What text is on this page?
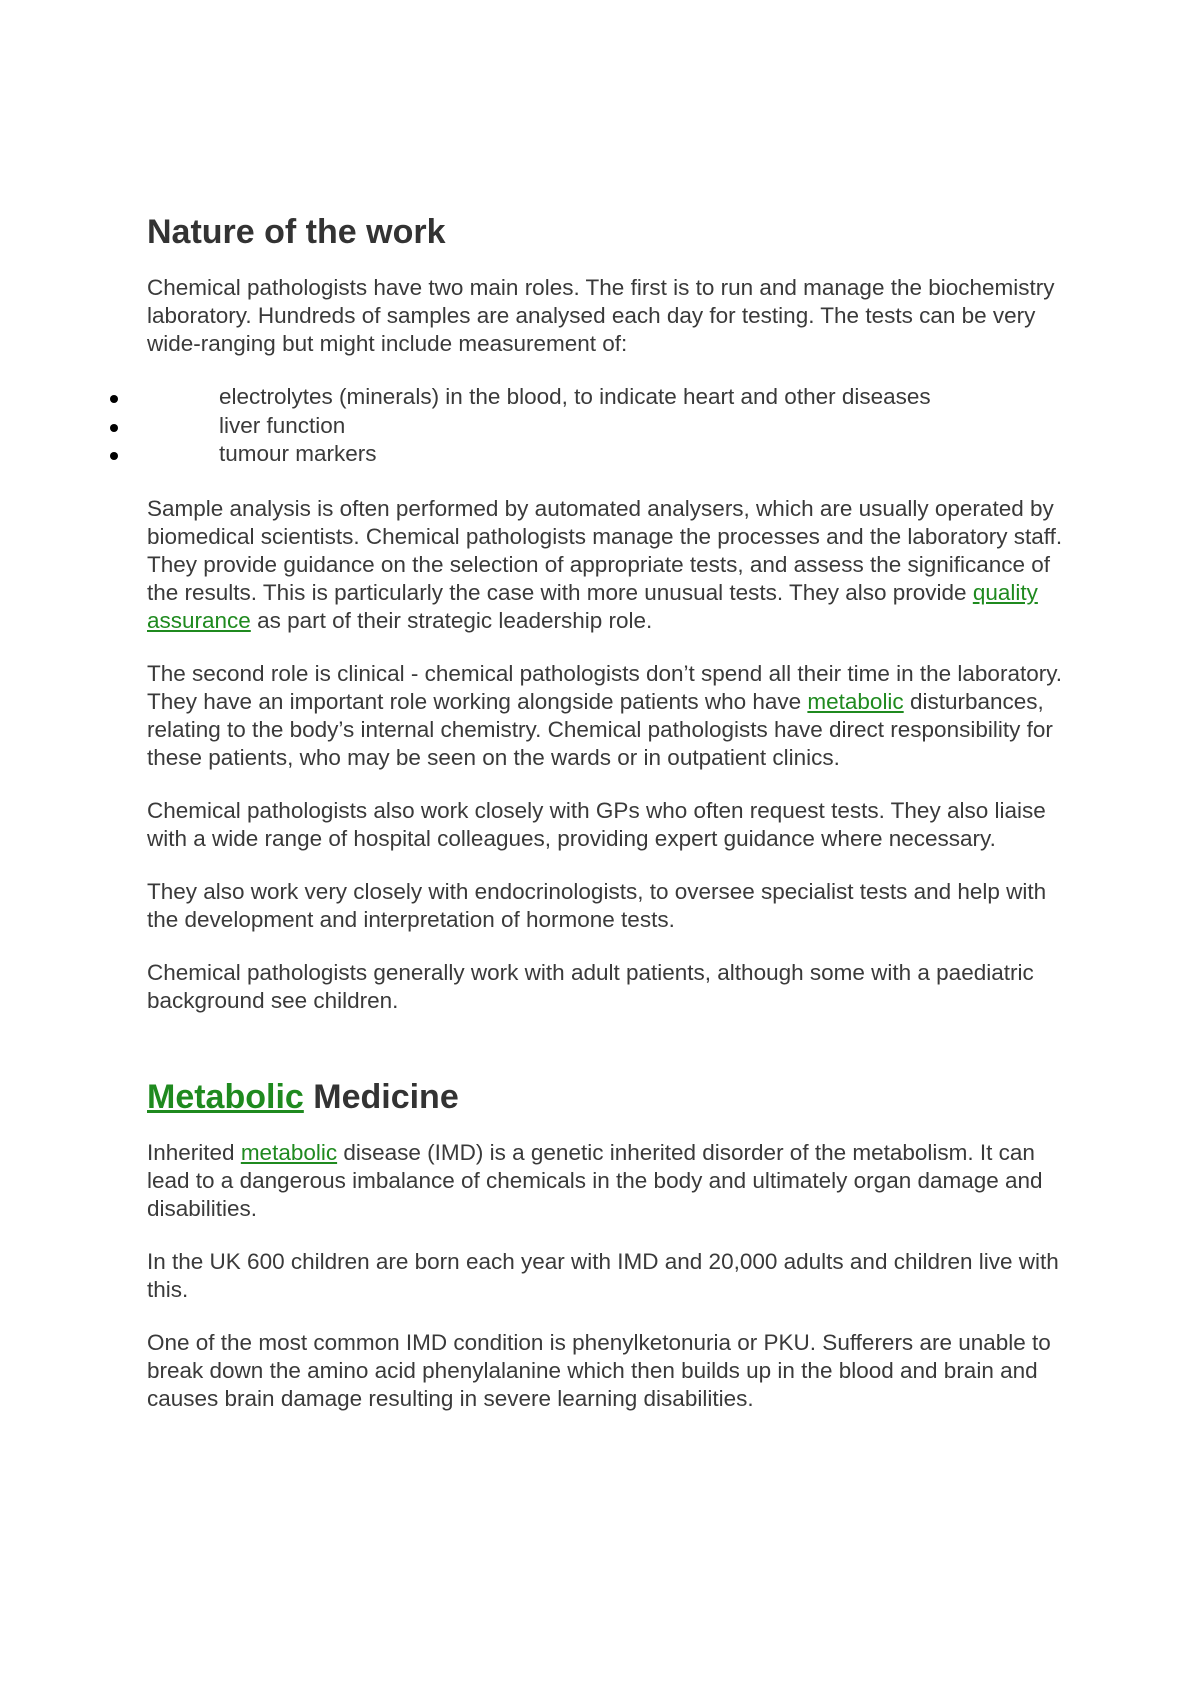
Nature of the work

Chemical pathologists have two main roles. The first is to run and manage the biochemistry laboratory. Hundreds of samples are analysed each day for testing. The tests can be very wide-ranging but might include measurement of:

electrolytes (minerals) in the blood, to indicate heart and other diseases
liver function
tumour markers

Sample analysis is often performed by automated analysers, which are usually operated by biomedical scientists. Chemical pathologists manage the processes and the laboratory staff. They provide guidance on the selection of appropriate tests, and assess the significance of the results. This is particularly the case with more unusual tests. They also provide quality assurance as part of their strategic leadership role.

The second role is clinical - chemical pathologists don’t spend all their time in the laboratory. They have an important role working alongside patients who have metabolic disturbances, relating to the body’s internal chemistry. Chemical pathologists have direct responsibility for these patients, who may be seen on the wards or in outpatient clinics.

Chemical pathologists also work closely with GPs who often request tests. They also liaise with a wide range of hospital colleagues, providing expert guidance where necessary.

They also work very closely with endocrinologists, to oversee specialist tests and help with the development and interpretation of hormone tests.

Chemical pathologists generally work with adult patients, although some with a paediatric background see children.

Metabolic Medicine

Inherited metabolic disease (IMD) is a genetic inherited disorder of the metabolism. It can lead to a dangerous imbalance of chemicals in the body and ultimately organ damage and disabilities.

In the UK 600 children are born each year with IMD and 20,000 adults and children live with this.

One of the most common IMD condition is phenylketonuria or PKU. Sufferers are unable to break down the amino acid phenylalanine which then builds up in the blood and brain and causes brain damage resulting in severe learning disabilities.
